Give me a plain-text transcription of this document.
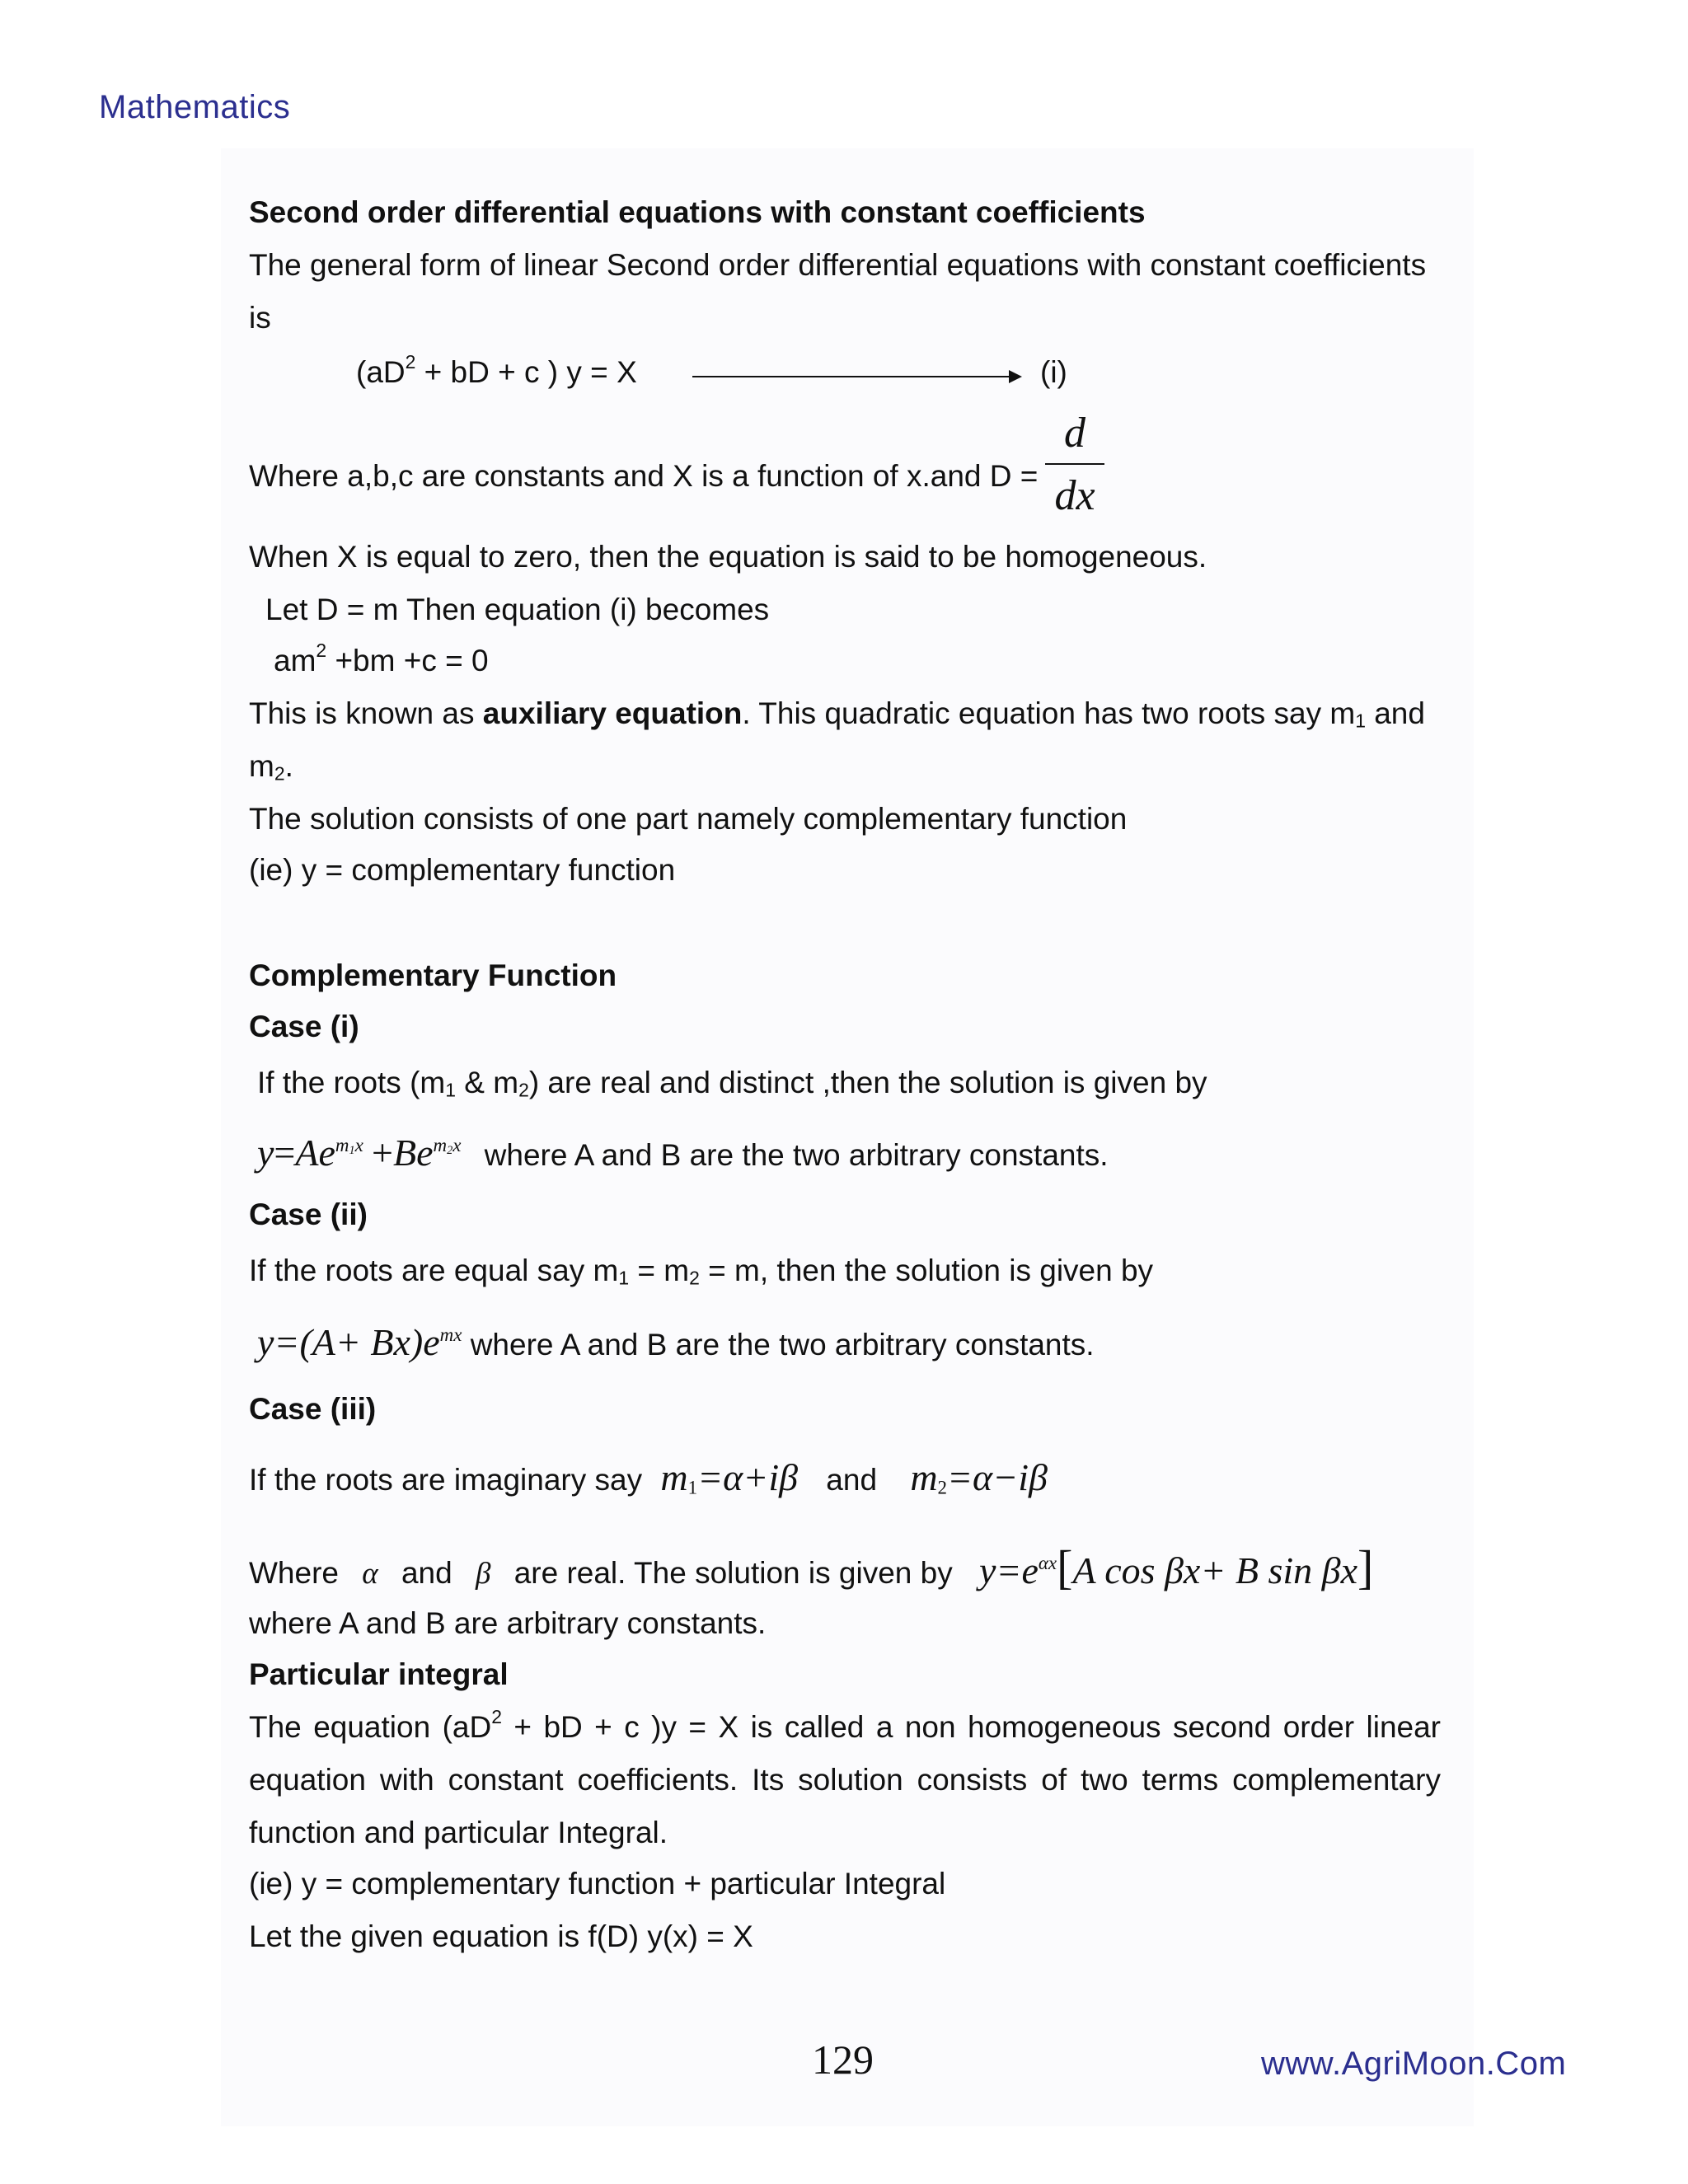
Mathematics
Second order differential equations with constant coefficients
The general form of linear Second order differential equations with constant coefficients
is
($aD^2$ + bD + c ) y = X	(i)
Where a,b,c are constants and X is a function of x.and D =
d
dx
When X is equal to zero, then the equation is said to be homogeneous.
Let D = m Then equation (i) becomes
$am^2 +bm +c = 0$
This is known as auxiliary equation. This quadratic equation has two roots say $m_1$ and
$m_2$.
The solution consists of one part namely complementary function
(ie) y = complementary function
Complementary Function
Case (i)
If the roots ($m_1$ & $m_2$) are real and distinct ,then the solution is given by
$y=Ae^{m_1x} +Be^{m_2x}$ where A and B are the two arbitrary constants.
Case (ii)
If the roots are equal say $m_1 = m_2 = m$, then the solution is given by
$y=(A+ Bx)e^{mx}$ where A and B are the two arbitrary constants.
Case (iii)
If the roots are imaginary say $m_1=\alpha+i\beta$ and $m_2=\alpha-i\beta$
Where α and β are real. The solution is given by $y=e^{\alpha x}[A$ cos βx+ B sin βx]
where A and B are arbitrary constants.
Particular integral
The equation ($aD^2$ + bD + c )y = X is called a non homogeneous second order linear
equation with constant coefficients. Its solution consists of two terms complementary
function and particular Integral.
(ie) y = complementary function + particular Integral
Let the given equation is f(D) y(x) = X
129	www.AgriMoon.Com
